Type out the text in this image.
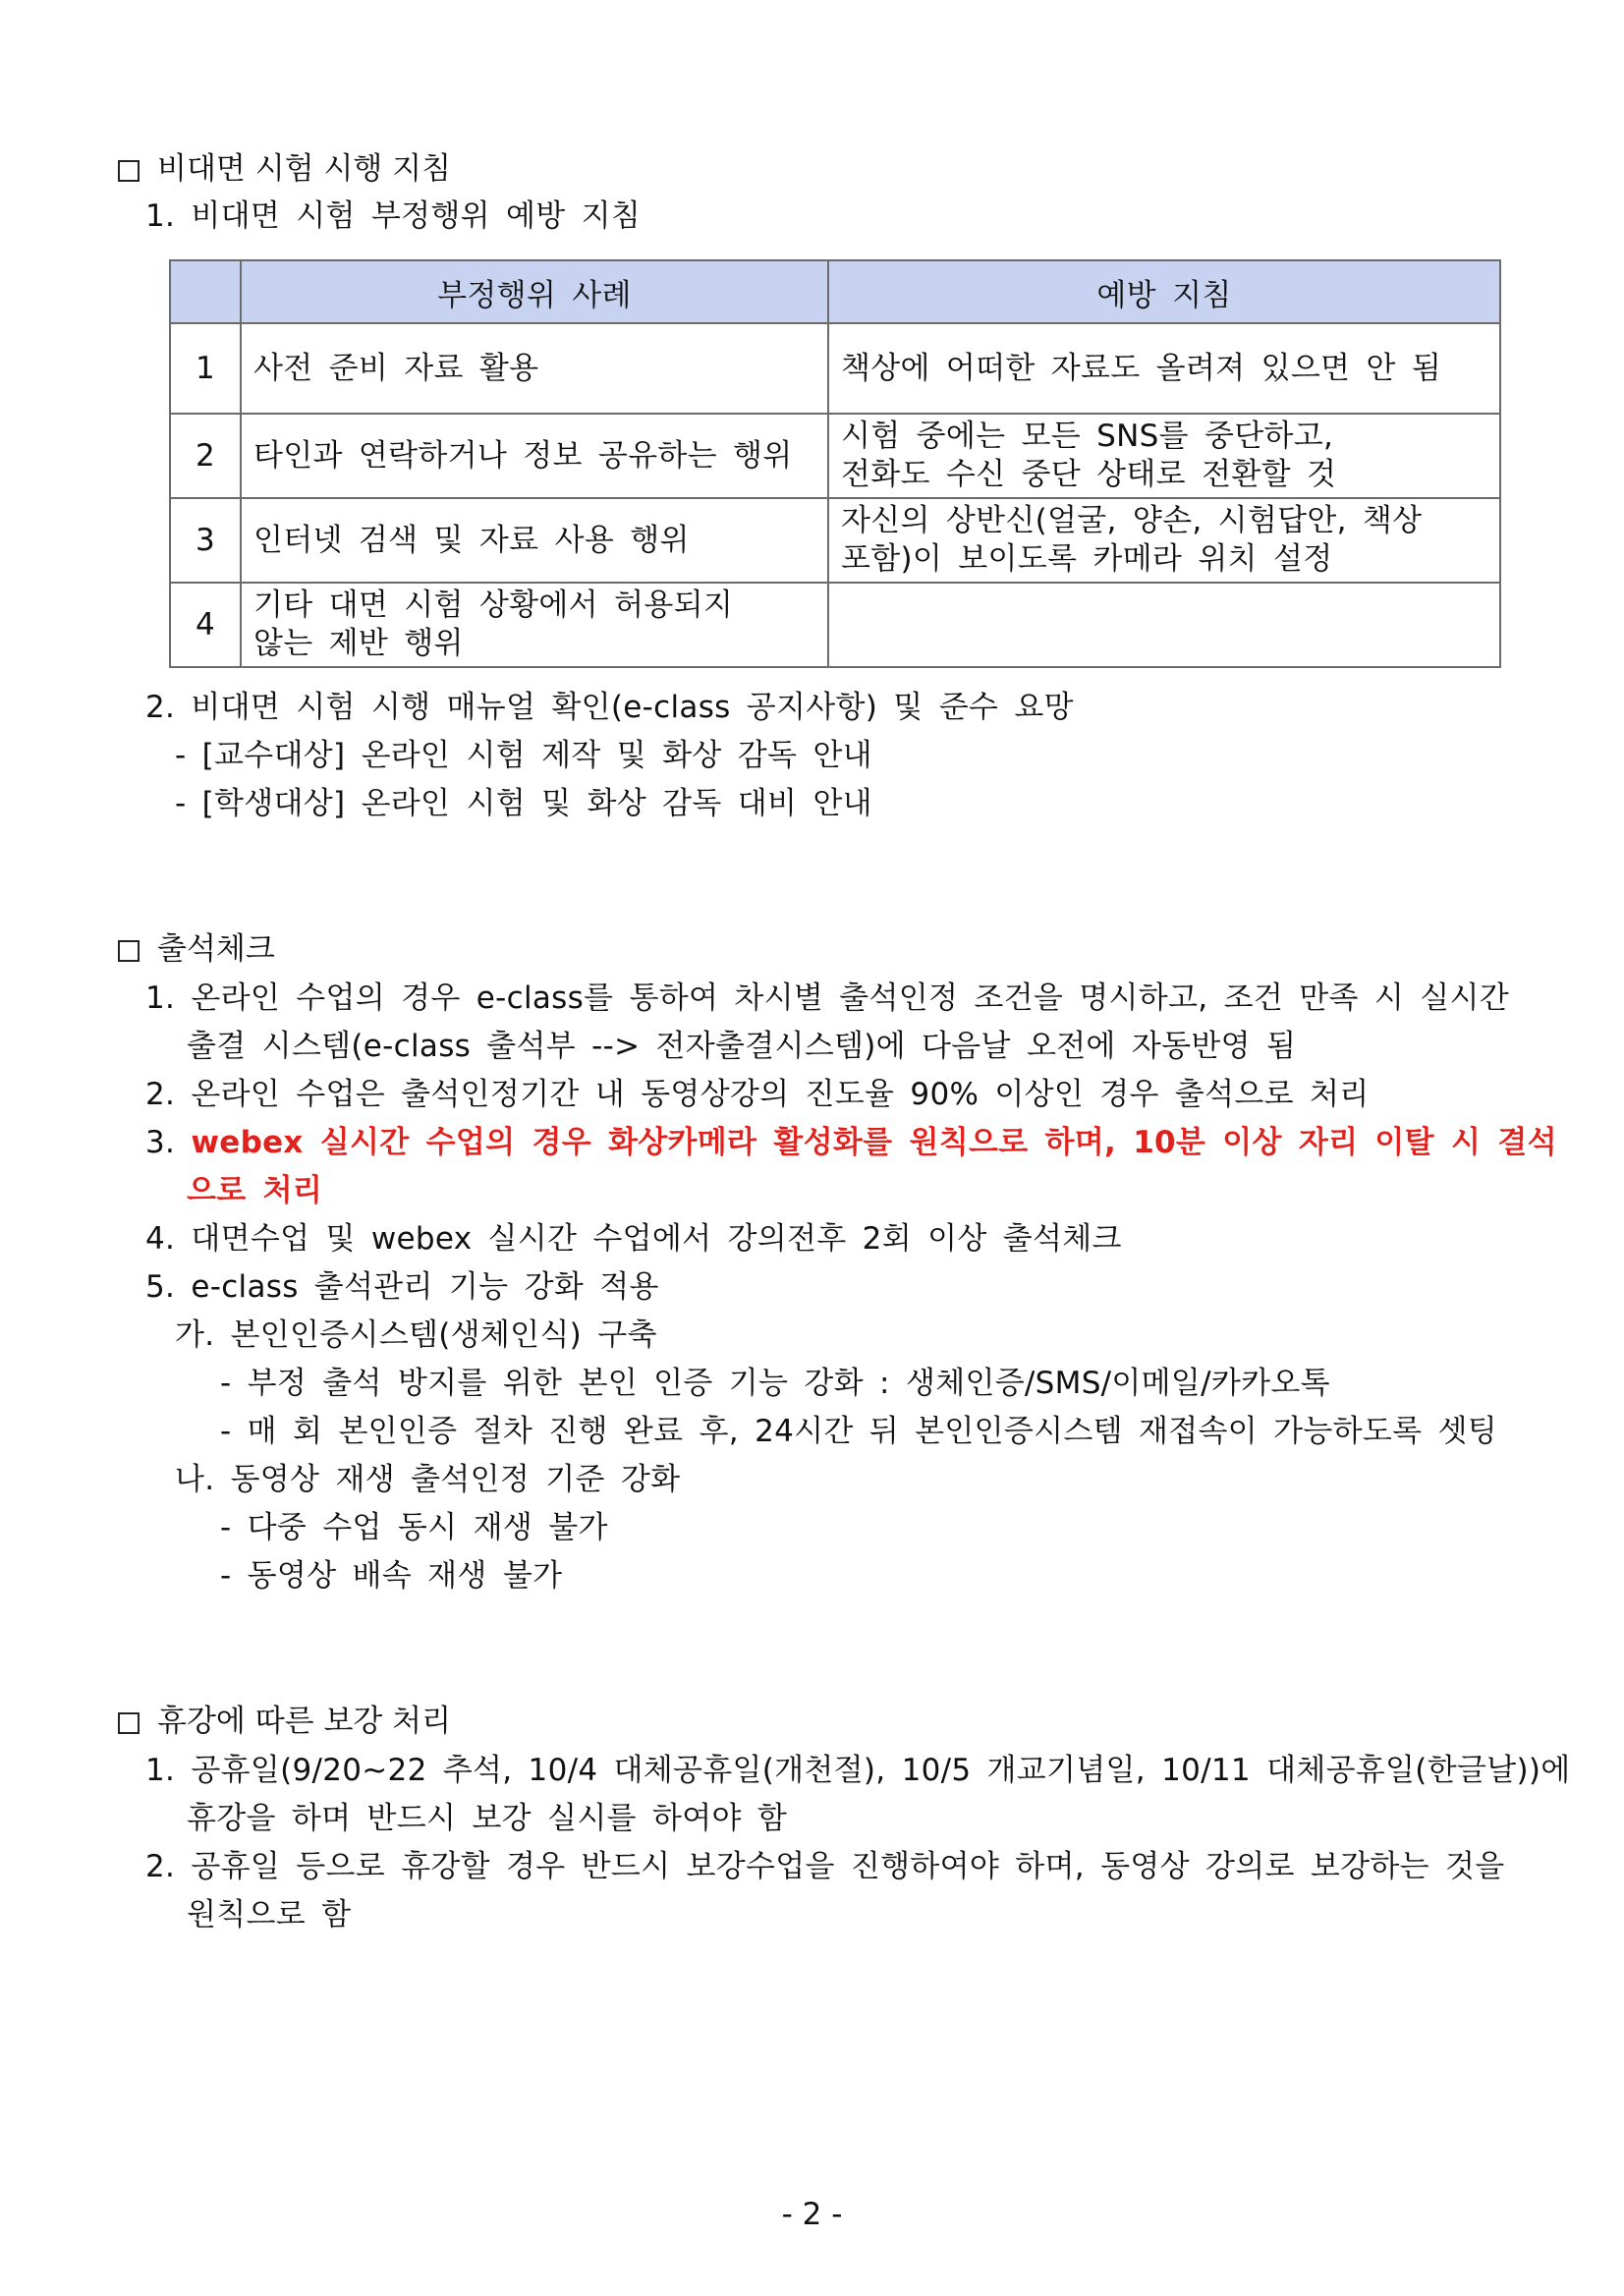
비대면 시험 시행 지침
1. 비대면 시험 부정행위 예방 지침
	부정행위 사례	예방 지침
1	사전 준비 자료 활용	책상에 어떠한 자료도 올려져 있으면 안 됨

2	타인과 연락하거나 정보 공유하는 행위	시험 중에는 모든 SNS를 중단하고,
전화도 수신 중단 상태로 전환할 것

3	인터넷 검색 및 자료 사용 행위	자신의 상반신(얼굴, 양손, 시험답안, 책상
포함)이 보이도록 카메라 위치 설정

4	기타 대면 시험 상황에서 허용되지
않는 제반 행위	

2. 비대면 시험 시행 매뉴얼 확인(e-class 공지사항) 및 준수 요망
- [교수대상] 온라인 시험 제작 및 화상 감독 안내
- [학생대상] 온라인 시험 및 화상 감독 대비 안내
출석체크
1. 온라인 수업의 경우 e-class를 통하여 차시별 출석인정 조건을 명시하고, 조건 만족 시 실시간
출결 시스템(e-class 출석부 --> 전자출결시스템)에 다음날 오전에 자동반영 됨
2. 온라인 수업은 출석인정기간 내 동영상강의 진도율 90% 이상인 경우 출석으로 처리
3. webex 실시간 수업의 경우 화상카메라 활성화를 원칙으로 하며, 10분 이상 자리 이탈 시 결석
으로 처리
4. 대면수업 및 webex 실시간 수업에서 강의전후 2회 이상 출석체크
5. e-class 출석관리 기능 강화 적용
가. 본인인증시스템(생체인식) 구축
- 부정 출석 방지를 위한 본인 인증 기능 강화 : 생체인증/SMS/이메일/카카오톡
- 매 회 본인인증 절차 진행 완료 후, 24시간 뒤 본인인증시스템 재접속이 가능하도록 셋팅
나. 동영상 재생 출석인정 기준 강화
- 다중 수업 동시 재생 불가
- 동영상 배속 재생 불가
휴강에 따른 보강 처리
1. 공휴일(9/20~22 추석, 10/4 대체공휴일(개천절), 10/5 개교기념일, 10/11 대체공휴일(한글날))에
휴강을 하며 반드시 보강 실시를 하여야 함
2. 공휴일 등으로 휴강할 경우 반드시 보강수업을 진행하여야 하며, 동영상 강의로 보강하는 것을
원칙으로 함
- 2 -
